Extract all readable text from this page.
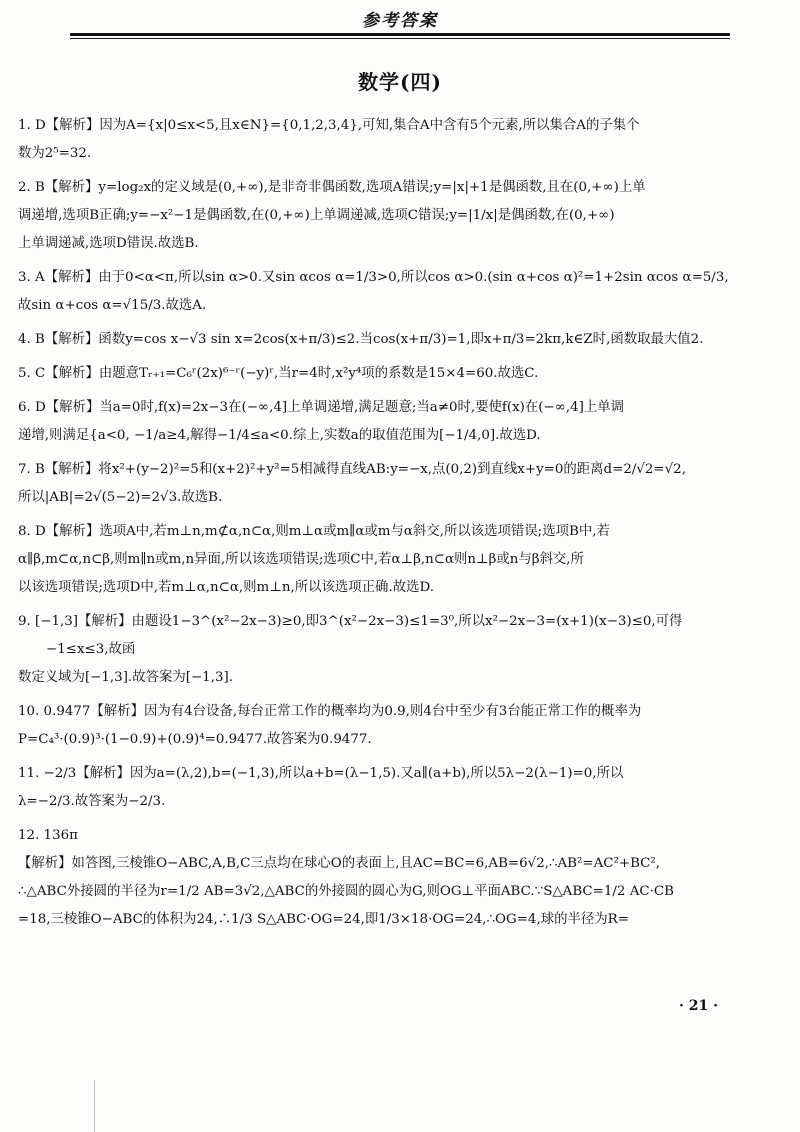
参考答案
数学(四)
1. D【解析】因为A={x|0≤x<5,且x∈N}={0,1,2,3,4},可知,集合A中含有5个元素,所以集合A的子集个
数为2⁵=32.
2. B【解析】y=log₂x的定义域是(0,+∞),是非奇非偶函数,选项A错误;y=|x|+1是偶函数,且在(0,+∞)上单
调递增,选项B正确;y=−x²−1是偶函数,在(0,+∞)上单调递减,选项C错误;y=|1/x|是偶函数,在(0,+∞)
上单调递减,选项D错误.故选B.
3. A【解析】由于0<α<π,所以sin α>0.又sin αcos α=1/3>0,所以cos α>0.(sin α+cos α)²=1+2sin αcos α=5/3,
故sin α+cos α=√15/3.故选A.
4. B【解析】函数y=cos x−√3 sin x=2cos(x+π/3)≤2.当cos(x+π/3)=1,即x+π/3=2kπ,k∈Z时,函数取最大值2.
5. C【解析】由题意Tᵣ₊₁=C₆ʳ(2x)⁶⁻ʳ(−y)ʳ,当r=4时,x²y⁴项的系数是15×4=60.故选C.
6. D【解析】当a=0时,f(x)=2x−3在(−∞,4]上单调递增,满足题意;当a≠0时,要使f(x)在(−∞,4]上单调
递增,则满足{a<0, −1/a≥4,解得−1/4≤a<0.综上,实数a的取值范围为[−1/4,0].故选D.
7. B【解析】将x²+(y−2)²=5和(x+2)²+y²=5相减得直线AB:y=−x,点(0,2)到直线x+y=0的距离d=2/√2=√2,
所以|AB|=2√(5−2)=2√3.故选B.
8. D【解析】选项A中,若m⊥n,m⊄α,n⊂α,则m⊥α或m∥α或m与α斜交,所以该选项错误;选项B中,若
α∥β,m⊂α,n⊂β,则m∥n或m,n异面,所以该选项错误;选项C中,若α⊥β,n⊂α则n⊥β或n与β斜交,所
以该选项错误;选项D中,若m⊥α,n⊂α,则m⊥n,所以该选项正确.故选D.
9. [−1,3]【解析】由题设1−3^(x²−2x−3)≥0,即3^(x²−2x−3)≤1=3⁰,所以x²−2x−3=(x+1)(x−3)≤0,可得−1≤x≤3,故函
数定义域为[−1,3].故答案为[−1,3].
10. 0.9477【解析】因为有4台设备,每台正常工作的概率均为0.9,则4台中至少有3台能正常工作的概率为
P=C₄³·(0.9)³·(1−0.9)+(0.9)⁴=0.9477.故答案为0.9477.
11. −2/3【解析】因为a=(λ,2),b=(−1,3),所以a+b=(λ−1,5).又a∥(a+b),所以5λ−2(λ−1)=0,所以
λ=−2/3.故答案为−2/3.
12. 136π
【解析】如答图,三棱锥O−ABC,A,B,C三点均在球心O的表面上,且AC=BC=6,AB=6√2,∴AB²=AC²+BC²,
∴△ABC外接圆的半径为r=1/2 AB=3√2,△ABC的外接圆的圆心为G,则OG⊥平面ABC.∵S△ABC=1/2 AC·CB
=18,三棱锥O−ABC的体积为24,∴1/3 S△ABC·OG=24,即1/3×18·OG=24,∴OG=4,球的半径为R=
· 21 ·
